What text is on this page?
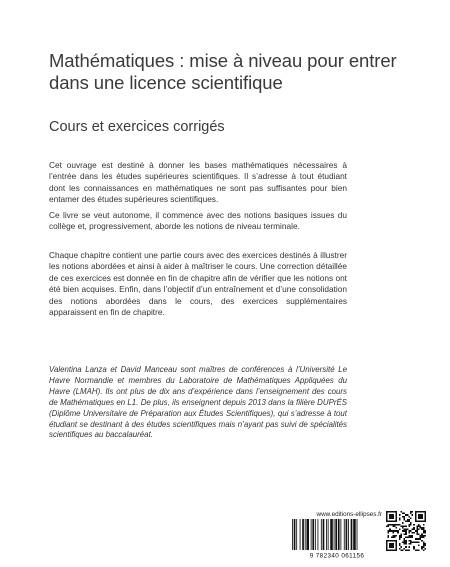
Mathématiques : mise à niveau pour entrer dans une licence scientifique
Cours et exercices corrigés

Cet ouvrage est destiné à donner les bases mathématiques nécessaires à l’entrée dans les études supérieures scientifiques. Il s’adresse à tout étudiant dont les connaissances en mathématiques ne sont pas suffisantes pour bien entamer des études supérieures scientifiques.

Ce livre se veut autonome, il commence avec des notions basiques issues du collège et, progressivement, aborde les notions de niveau terminale.

Chaque chapitre contient une partie cours avec des exercices destinés à illustrer les notions abordées et ainsi à aider à maîtriser le cours. Une correction détaillée de ces exercices est donnée en fin de chapitre afin de vérifier que les notions ont été bien acquises. Enfin, dans l’objectif d’un entraînement et d’une consolidation des notions abordées dans le cours, des exercices supplémentaires apparaissent en fin de chapitre.

Valentina Lanza et David Manceau sont maîtres de conférences à l’Université Le Havre Normandie et membres du Laboratoire de Mathématiques Appliquées du Havre (LMAH). Ils ont plus de dix ans d’expérience dans l’enseignement des cours de Mathématiques en L1. De plus, ils enseignent depuis 2013 dans la filière DUPrÉS (Diplôme Universitaire de Préparation aux Études Scientifiques), qui s’adresse à tout étudiant se destinant à des études scientifiques mais n’ayant pas suivi de spécialités scientifiques au baccalauréat.

www.editions-ellipses.fr
9 782340 061156
